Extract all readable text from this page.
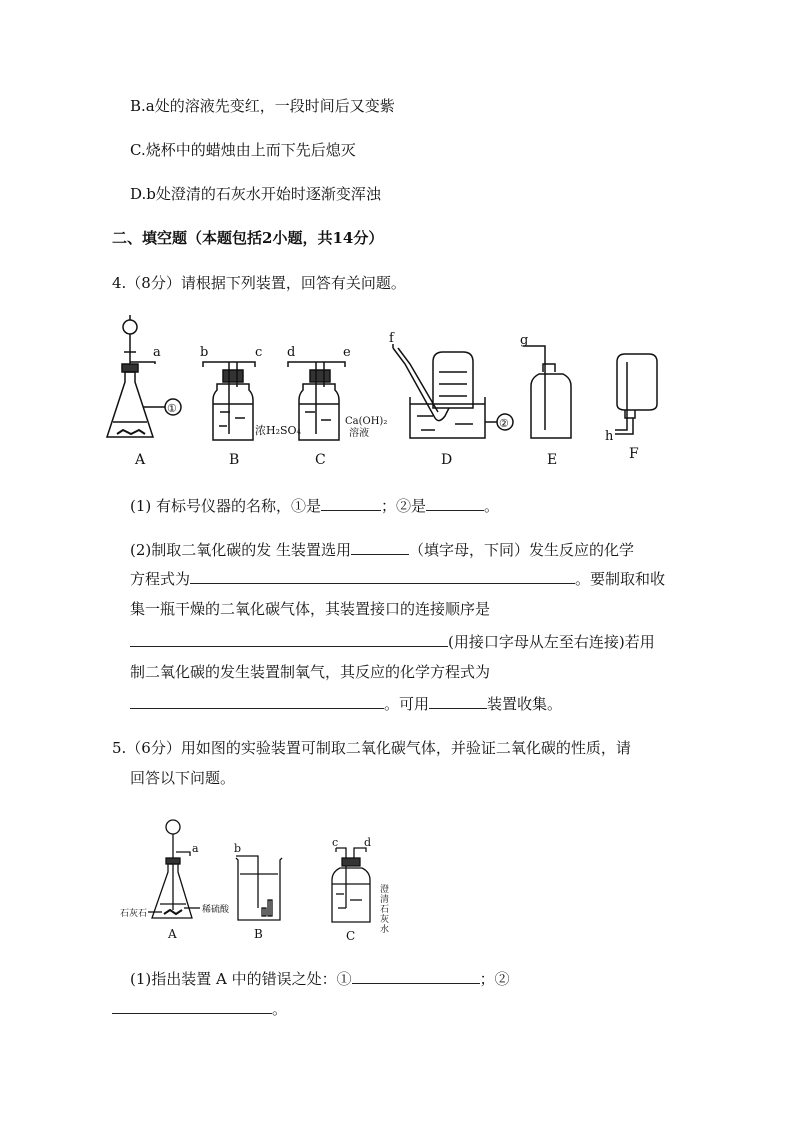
B.a处的溶液先变红，一段时间后又变紫
C.烧杯中的蜡烛由上而下先后熄灭
D.b处澄清的石灰水开始时逐渐变浑浊
二、填空题（本题包括2小题，共14分）
4.（8分）请根据下列装置，回答有关问题。
①
a
A
b	c
浓H₂SO₄
B
d	e
Ca(OH)₂
溶液
C
②
f
D
g
E
h
F
(1) 有标号仪器的名称，①是	；②是	。
(2)制取二氧化碳的发 生装置选用	（填字母，下同）发生反应的化学
方程式为	。要制取和收
集一瓶干燥的二氧化碳气体，其装置接口的连接顺序是
(用接口字母从左至右连接)若用
制二氧化碳的发生装置制氧气，其反应的化学方程式为
。可用	装置收集。
5.（6分）用如图的实验装置可制取二氧化碳气体，并验证二氧化碳的性质，请
回答以下问题。
a
石灰石	稀硫酸
A
b
B
c d
澄
清
石
灰
水
C
(1)指出装置 A 中的错误之处：①	；②
。
